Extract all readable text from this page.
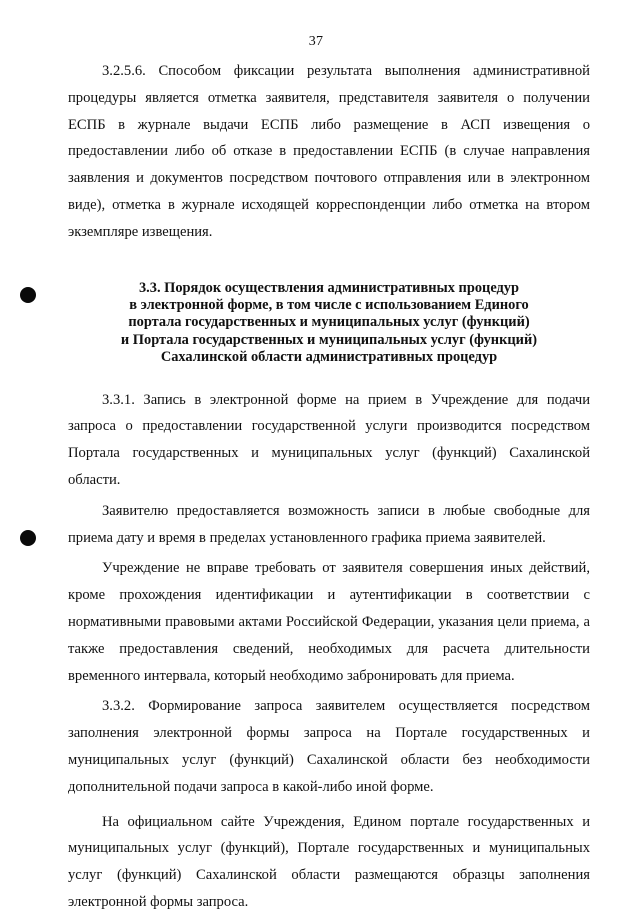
37

3.2.5.6. Способом фиксации результата выполнения административной процедуры является отметка заявителя, представителя заявителя о получении ЕСПБ в журнале выдачи ЕСПБ либо размещение в АСП извещения о предоставлении либо об отказе в предоставлении ЕСПБ (в случае направления заявления и документов посредством почтового отправления или в электронном виде), отметка в журнале исходящей корреспонденции либо отметка на втором экземпляре извещения.

3.3. Порядок осуществления административных процедур
в электронной форме, в том числе с использованием Единого
портала государственных и муниципальных услуг (функций)
и Портала государственных и муниципальных услуг (функций)
Сахалинской области административных процедур

3.3.1. Запись в электронной форме на прием в Учреждение для подачи запроса о предоставлении государственной услуги производится посредством Портала государственных и муниципальных услуг (функций) Сахалинской области.

Заявителю предоставляется возможность записи в любые свободные для приема дату и время в пределах установленного графика приема заявителей.

Учреждение не вправе требовать от заявителя совершения иных действий, кроме прохождения идентификации и аутентификации в соответствии с нормативными правовыми актами Российской Федерации, указания цели приема, а также предоставления сведений, необходимых для расчета длительности временного интервала, который необходимо забронировать для приема.

3.3.2. Формирование запроса заявителем осуществляется посредством заполнения электронной формы запроса на Портале государственных и муниципальных услуг (функций) Сахалинской области без необходимости дополнительной подачи запроса в какой-либо иной форме.

На официальном сайте Учреждения, Едином портале государственных и муниципальных услуг (функций), Портале государственных и муниципальных услуг (функций) Сахалинской области размещаются образцы заполнения электронной формы запроса.
